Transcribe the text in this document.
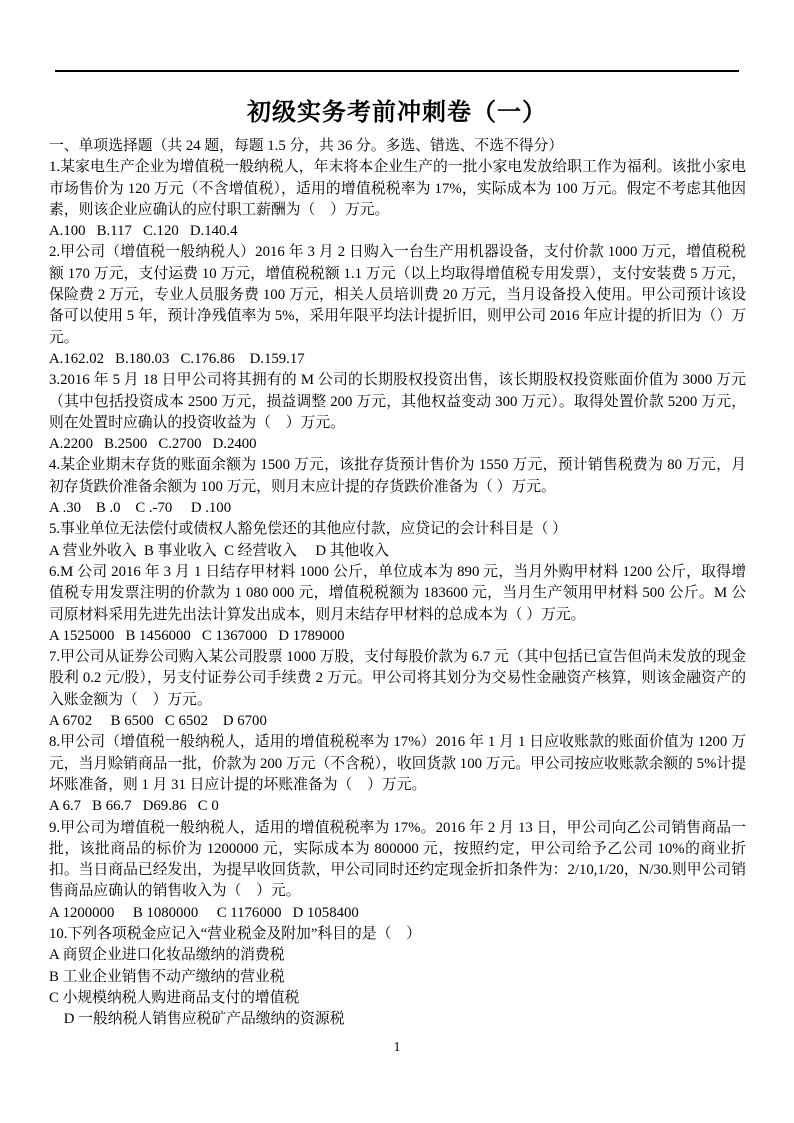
初级实务考前冲刺卷（一）
一、单项选择题（共 24 题，每题 1.5 分，共 36 分。多选、错选、不选不得分）
1.某家电生产企业为增值税一般纳税人，年末将本企业生产的一批小家电发放给职工作为福利。该批小家电市场售价为 120 万元（不含增值税），适用的增值税税率为 17%，实际成本为 100 万元。假定不考虑其他因素，则该企业应确认的应付职工薪酬为（　）万元。
A.100   B.117   C.120   D.140.4
2.甲公司（增值税一般纳税人）2016 年 3 月 2 日购入一台生产用机器设备，支付价款 1000 万元，增值税税额 170 万元，支付运费 10 万元，增值税税额 1.1 万元（以上均取得增值税专用发票），支付安装费 5 万元，保险费 2 万元，专业人员服务费 100 万元，相关人员培训费 20 万元，当月设备投入使用。甲公司预计该设备可以使用 5 年，预计净残值率为 5%，采用年限平均法计提折旧，则甲公司 2016 年应计提的折旧为（）万元。
A.162.02   B.180.03   C.176.86    D.159.17
3.2016 年 5 月 18 日甲公司将其拥有的 M 公司的长期股权投资出售，该长期股权投资账面价值为 3000 万元（其中包括投资成本 2500 万元，损益调整 200 万元，其他权益变动 300 万元）。取得处置价款 5200 万元，则在处置时应确认的投资收益为（　）万元。
A.2200   B.2500   C.2700   D.2400
4.某企业期末存货的账面余额为 1500 万元，该批存货预计售价为 1550 万元，预计销售税费为 80 万元，月初存货跌价准备余额为 100 万元，则月末应计提的存货跌价准备为（ ）万元。
A .30    B .0    C .-70     D .100
5.事业单位无法偿付或债权人豁免偿还的其他应付款，应贷记的会计科目是（ ）
A 营业外收入  B 事业收入  C 经营收入     D 其他收入
6.M 公司 2016 年 3 月 1 日结存甲材料 1000 公斤，单位成本为 890 元，当月外购甲材料 1200 公斤，取得增值税专用发票注明的价款为 1 080 000 元，增值税税额为 183600 元，当月生产领用甲材料 500 公斤。M 公司原材料采用先进先出法计算发出成本，则月末结存甲材料的总成本为（ ）万元。
A 1525000   B 1456000   C 1367000   D 1789000
7.甲公司从证券公司购入某公司股票 1000 万股，支付每股价款为 6.7 元（其中包括已宣告但尚未发放的现金股利 0.2 元/股），另支付证券公司手续费 2 万元。甲公司将其划分为交易性金融资产核算，则该金融资产的入账金额为（　）万元。
A 6702     B 6500   C 6502    D 6700
8.甲公司（增值税一般纳税人，适用的增值税税率为 17%）2016 年 1 月 1 日应收账款的账面价值为 1200 万元，当月赊销商品一批，价款为 200 万元（不含税），收回货款 100 万元。甲公司按应收账款余额的 5%计提坏账准备，则 1 月 31 日应计提的坏账准备为（　）万元。
A 6.7   B 66.7   D69.86   C 0
9.甲公司为增值税一般纳税人，适用的增值税税率为 17%。2016 年 2 月 13 日，甲公司向乙公司销售商品一批，该批商品的标价为 1200000 元，实际成本为 800000 元，按照约定，甲公司给予乙公司 10%的商业折扣。当日商品已经发出，为提早收回货款，甲公司同时还约定现金折扣条件为：2/10,1/20，N/30.则甲公司销售商品应确认的销售收入为（　）元。
A 1200000     B 1080000     C 1176000   D 1058400
10.下列各项税金应记入“营业税金及附加”科目的是（　）
A 商贸企业进口化妆品缴纳的消费税
B 工业企业销售不动产缴纳的营业税
C 小规模纳税人购进商品支付的增值税
　D 一般纳税人销售应税矿产品缴纳的资源税
1
